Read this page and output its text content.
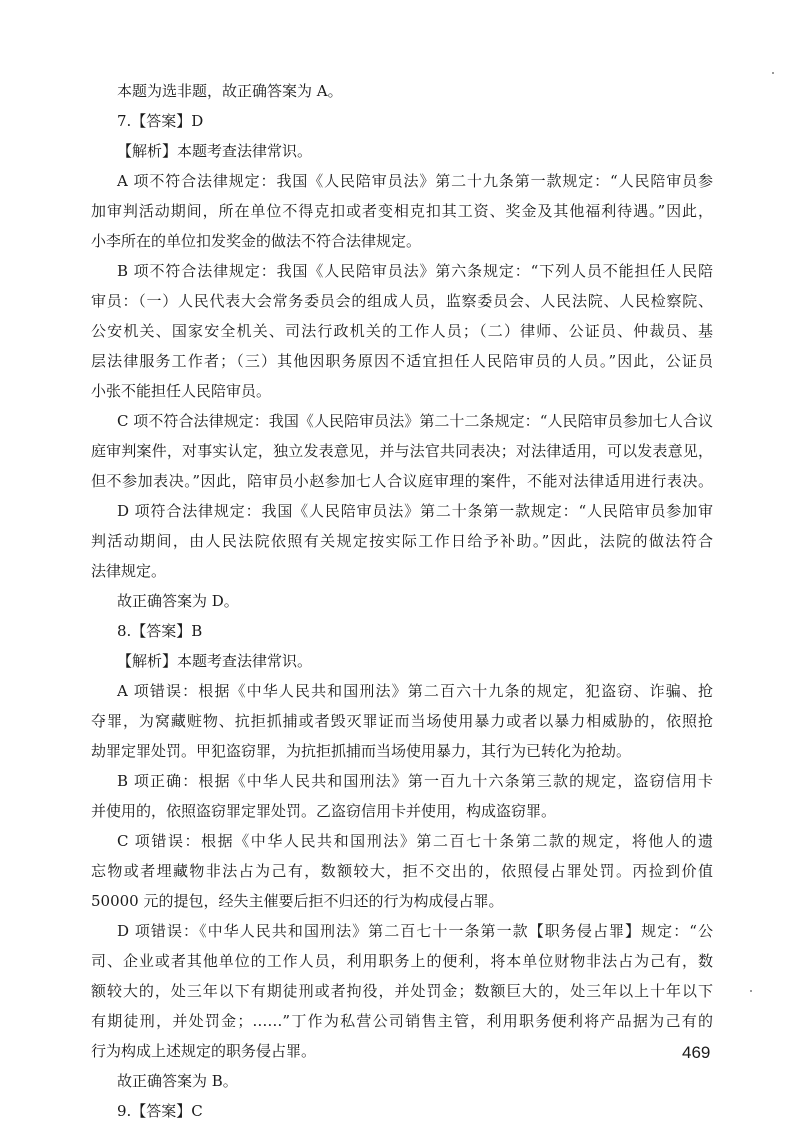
本题为选非题，故正确答案为 A。

7.【答案】D

【解析】本题考查法律常识。

A 项不符合法律规定：我国《人民陪审员法》第二十九条第一款规定：“人民陪审员参

加审判活动期间，所在单位不得克扣或者变相克扣其工资、奖金及其他福利待遇。”因此，

小李所在的单位扣发奖金的做法不符合法律规定。

B 项不符合法律规定：我国《人民陪审员法》第六条规定：“下列人员不能担任人民陪

审员：（一）人民代表大会常务委员会的组成人员，监察委员会、人民法院、人民检察院、

公安机关、国家安全机关、司法行政机关的工作人员；（二）律师、公证员、仲裁员、基

层法律服务工作者；（三）其他因职务原因不适宜担任人民陪审员的人员。”因此，公证员

小张不能担任人民陪审员。

C 项不符合法律规定：我国《人民陪审员法》第二十二条规定：“人民陪审员参加七人合议

庭审判案件，对事实认定，独立发表意见，并与法官共同表决；对法律适用，可以发表意见，

但不参加表决。”因此，陪审员小赵参加七人合议庭审理的案件，不能对法律适用进行表决。

D 项符合法律规定：我国《人民陪审员法》第二十条第一款规定：“人民陪审员参加审

判活动期间，由人民法院依照有关规定按实际工作日给予补助。”因此，法院的做法符合

法律规定。

故正确答案为 D。

8.【答案】B

【解析】本题考查法律常识。

A 项错误：根据《中华人民共和国刑法》第二百六十九条的规定，犯盗窃、诈骗、抢

夺罪，为窝藏赃物、抗拒抓捕或者毁灭罪证而当场使用暴力或者以暴力相威胁的，依照抢

劫罪定罪处罚。甲犯盗窃罪，为抗拒抓捕而当场使用暴力，其行为已转化为抢劫。

B 项正确：根据《中华人民共和国刑法》第一百九十六条第三款的规定，盗窃信用卡

并使用的，依照盗窃罪定罪处罚。乙盗窃信用卡并使用，构成盗窃罪。

C 项错误：根据《中华人民共和国刑法》第二百七十条第二款的规定，将他人的遗

忘物或者埋藏物非法占为己有，数额较大，拒不交出的，依照侵占罪处罚。丙捡到价值

50000 元的提包，经失主催要后拒不归还的行为构成侵占罪。

D 项错误：《中华人民共和国刑法》第二百七十一条第一款【职务侵占罪】规定：“公

司、企业或者其他单位的工作人员，利用职务上的便利，将本单位财物非法占为己有，数

额较大的，处三年以下有期徒刑或者拘役，并处罚金；数额巨大的，处三年以上十年以下

有期徒刑，并处罚金；……”丁作为私营公司销售主管，利用职务便利将产品据为己有的

行为构成上述规定的职务侵占罪。

故正确答案为 B。

9.【答案】C

469
